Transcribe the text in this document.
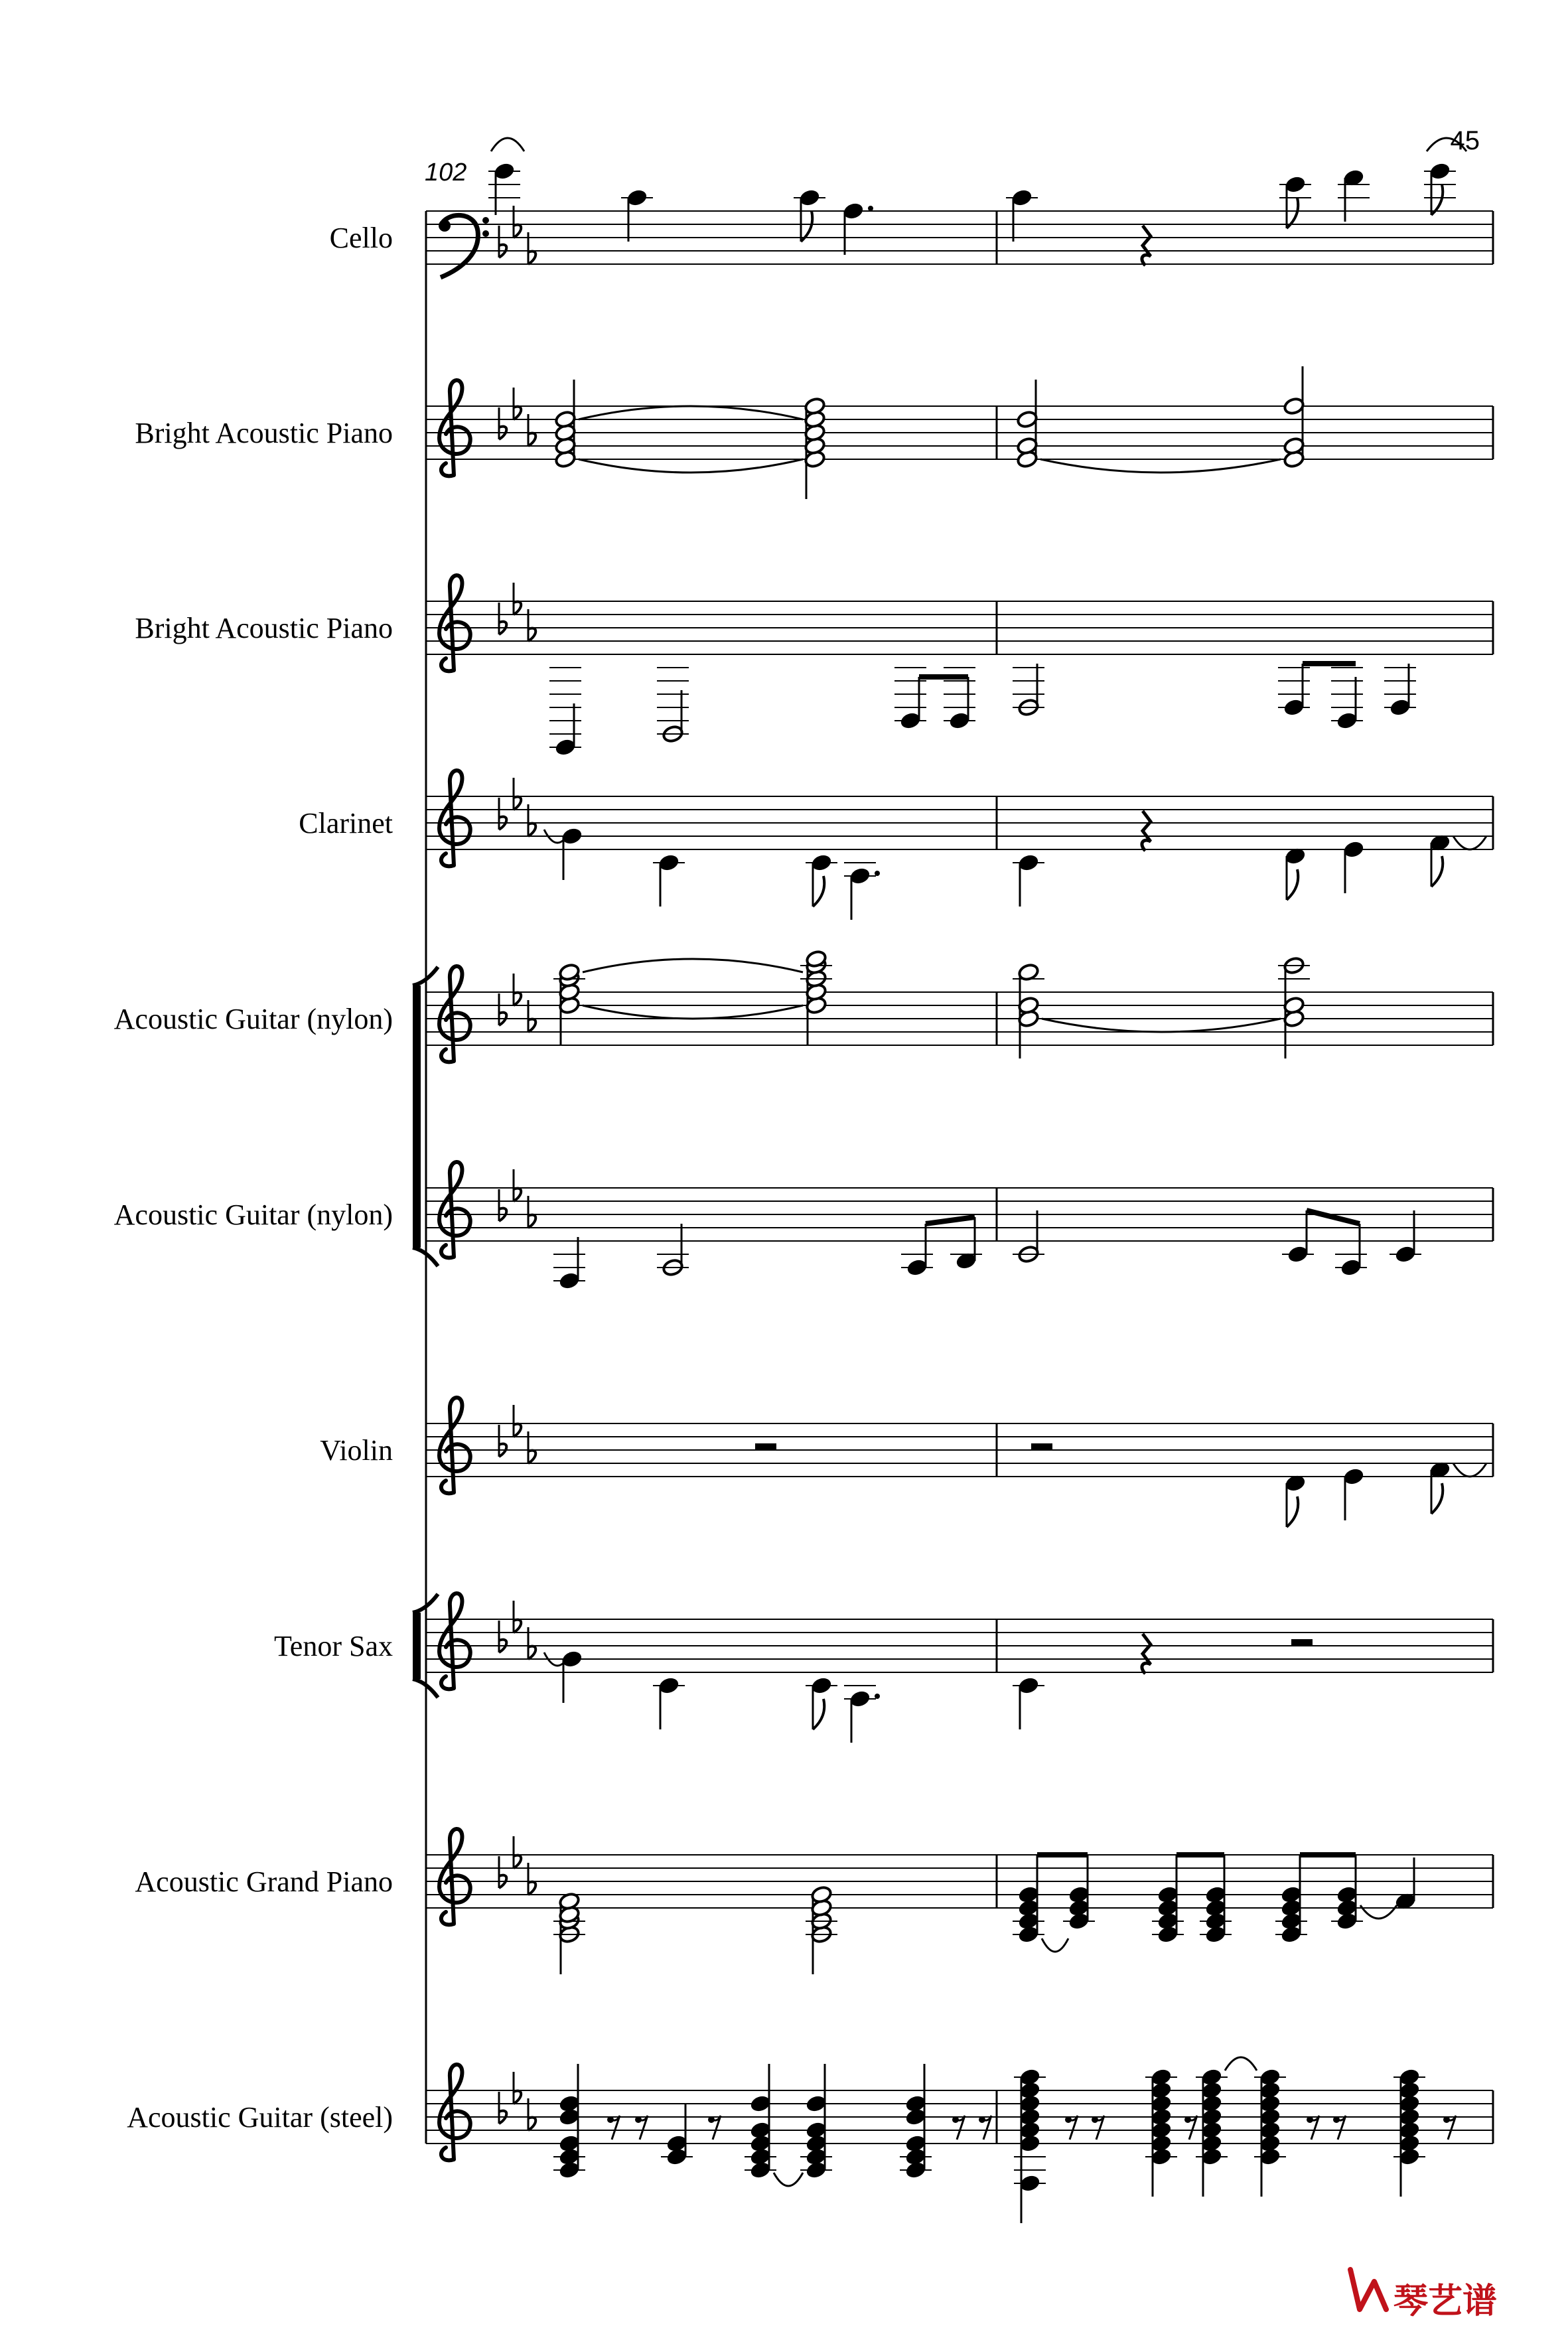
Cello
Bright Acoustic Piano
Bright Acoustic Piano
Clarinet
Acoustic Guitar (nylon)
Acoustic Guitar (nylon)
Violin
Tenor Sax
Acoustic Grand Piano
Acoustic Guitar (steel)
45
102
琴艺谱
